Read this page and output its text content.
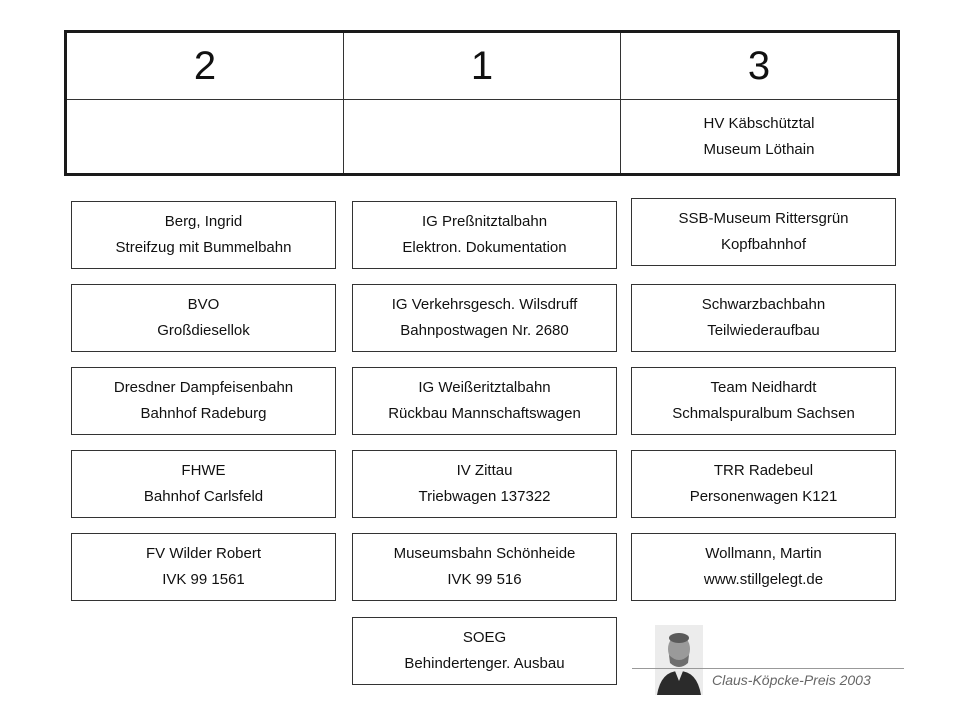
2	1	3
HV Käbschütztal
Museum Löthain
Berg, Ingrid
Streifzug mit Bummelbahn
BVO
Großdiesellok
Dresdner Dampfeisenbahn
Bahnhof Radeburg
FHWE
Bahnhof Carlsfeld
FV Wilder Robert
IVK 99 1561
IG Preßnitztalbahn
Elektron. Dokumentation
IG Verkehrsgesch. Wilsdruff
Bahnpostwagen Nr. 2680
IG Weißeritztalbahn
Rückbau Mannschaftswagen
IV Zittau
Triebwagen 137322
Museumsbahn Schönheide
IVK 99 516
SOEG
Behindertenger. Ausbau
SSB-Museum Rittersgrün
Kopfbahnhof
Schwarzbachbahn
Teilwiederaufbau
Team Neidhardt
Schmalspuralbum Sachsen
TRR Radebeul
Personenwagen K121
Wollmann, Martin
www.stillgelegt.de
Claus-Köpcke-Preis 2003
